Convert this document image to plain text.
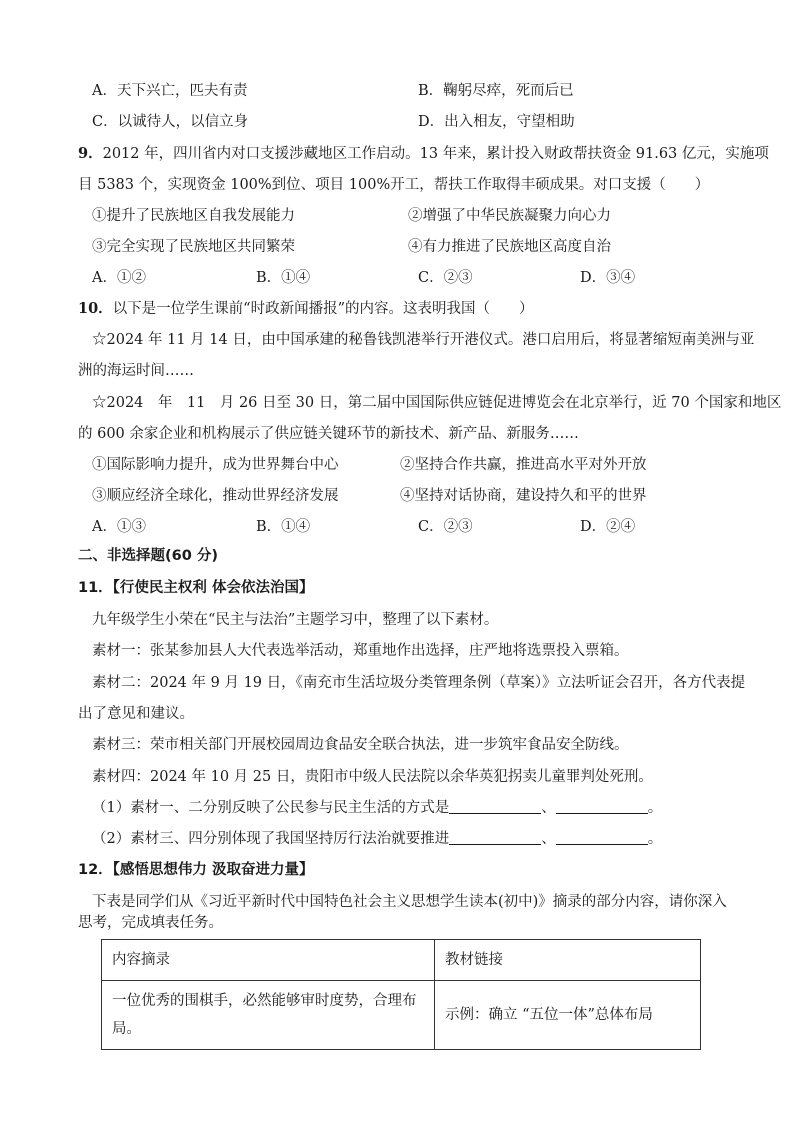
A．天下兴亡，匹夫有责	B．鞠躬尽瘁，死而后已
C．以诚待人，以信立身	D．出入相友，守望相助
9．2012 年，四川省内对口支援涉藏地区工作启动。13 年来，累计投入财政帮扶资金 91.63 亿元，实施项
目 5383 个，实现资金 100%到位、项目 100%开工，帮扶工作取得丰硕成果。对口支援（　　）
①提升了民族地区自我发展能力	②增强了中华民族凝聚力向心力
③完全实现了民族地区共同繁荣	④有力推进了民族地区高度自治
A．①②	B．①④	C．②③	D．③④
10．以下是一位学生课前“时政新闻播报”的内容。这表明我国（　　）
☆2024 年 11 月 14 日，由中国承建的秘鲁钱凯港举行开港仪式。港口启用后，将显著缩短南美洲与亚
洲的海运时间……
☆2024　年　11　月 26 日至 30 日，第二届中国国际供应链促进博览会在北京举行，近 70 个国家和地区
的 600 余家企业和机构展示了供应链关键环节的新技术、新产品、新服务……
①国际影响力提升，成为世界舞台中心	②坚持合作共赢，推进高水平对外开放
③顺应经济全球化，推动世界经济发展	④坚持对话协商，建设持久和平的世界
A．①③	B．①④	C．②③	D．②④
二、非选择题(60 分)
11．【行使民主权利 体会依法治国】
九年级学生小荣在“民主与法治”主题学习中，整理了以下素材。
素材一：张某参加县人大代表选举活动，郑重地作出选择，庄严地将选票投入票箱。
素材二：2024 年 9 月 19 日，《南充市生活垃圾分类管理条例（草案）》立法听证会召开，各方代表提
出了意见和建议。
素材三：荣市相关部门开展校园周边食品安全联合执法，进一步筑牢食品安全防线。
素材四：2024 年 10 月 25 日，贵阳市中级人民法院以余华英犯拐卖儿童罪判处死刑。
（1）素材一、二分别反映了公民参与民主生活的方式是	、	。
（2）素材三、四分别体现了我国坚持厉行法治就要推进	、	。
12．【感悟思想伟力 汲取奋进力量】
下表是同学们从《习近平新时代中国特色社会主义思想学生读本(初中)》摘录的部分内容，请你深入
思考，完成填表任务。
内容摘录	教材链接
一位优秀的围棋手，必然能够审时度势，合理布局。	示例：确立 “五位一体”总体布局
